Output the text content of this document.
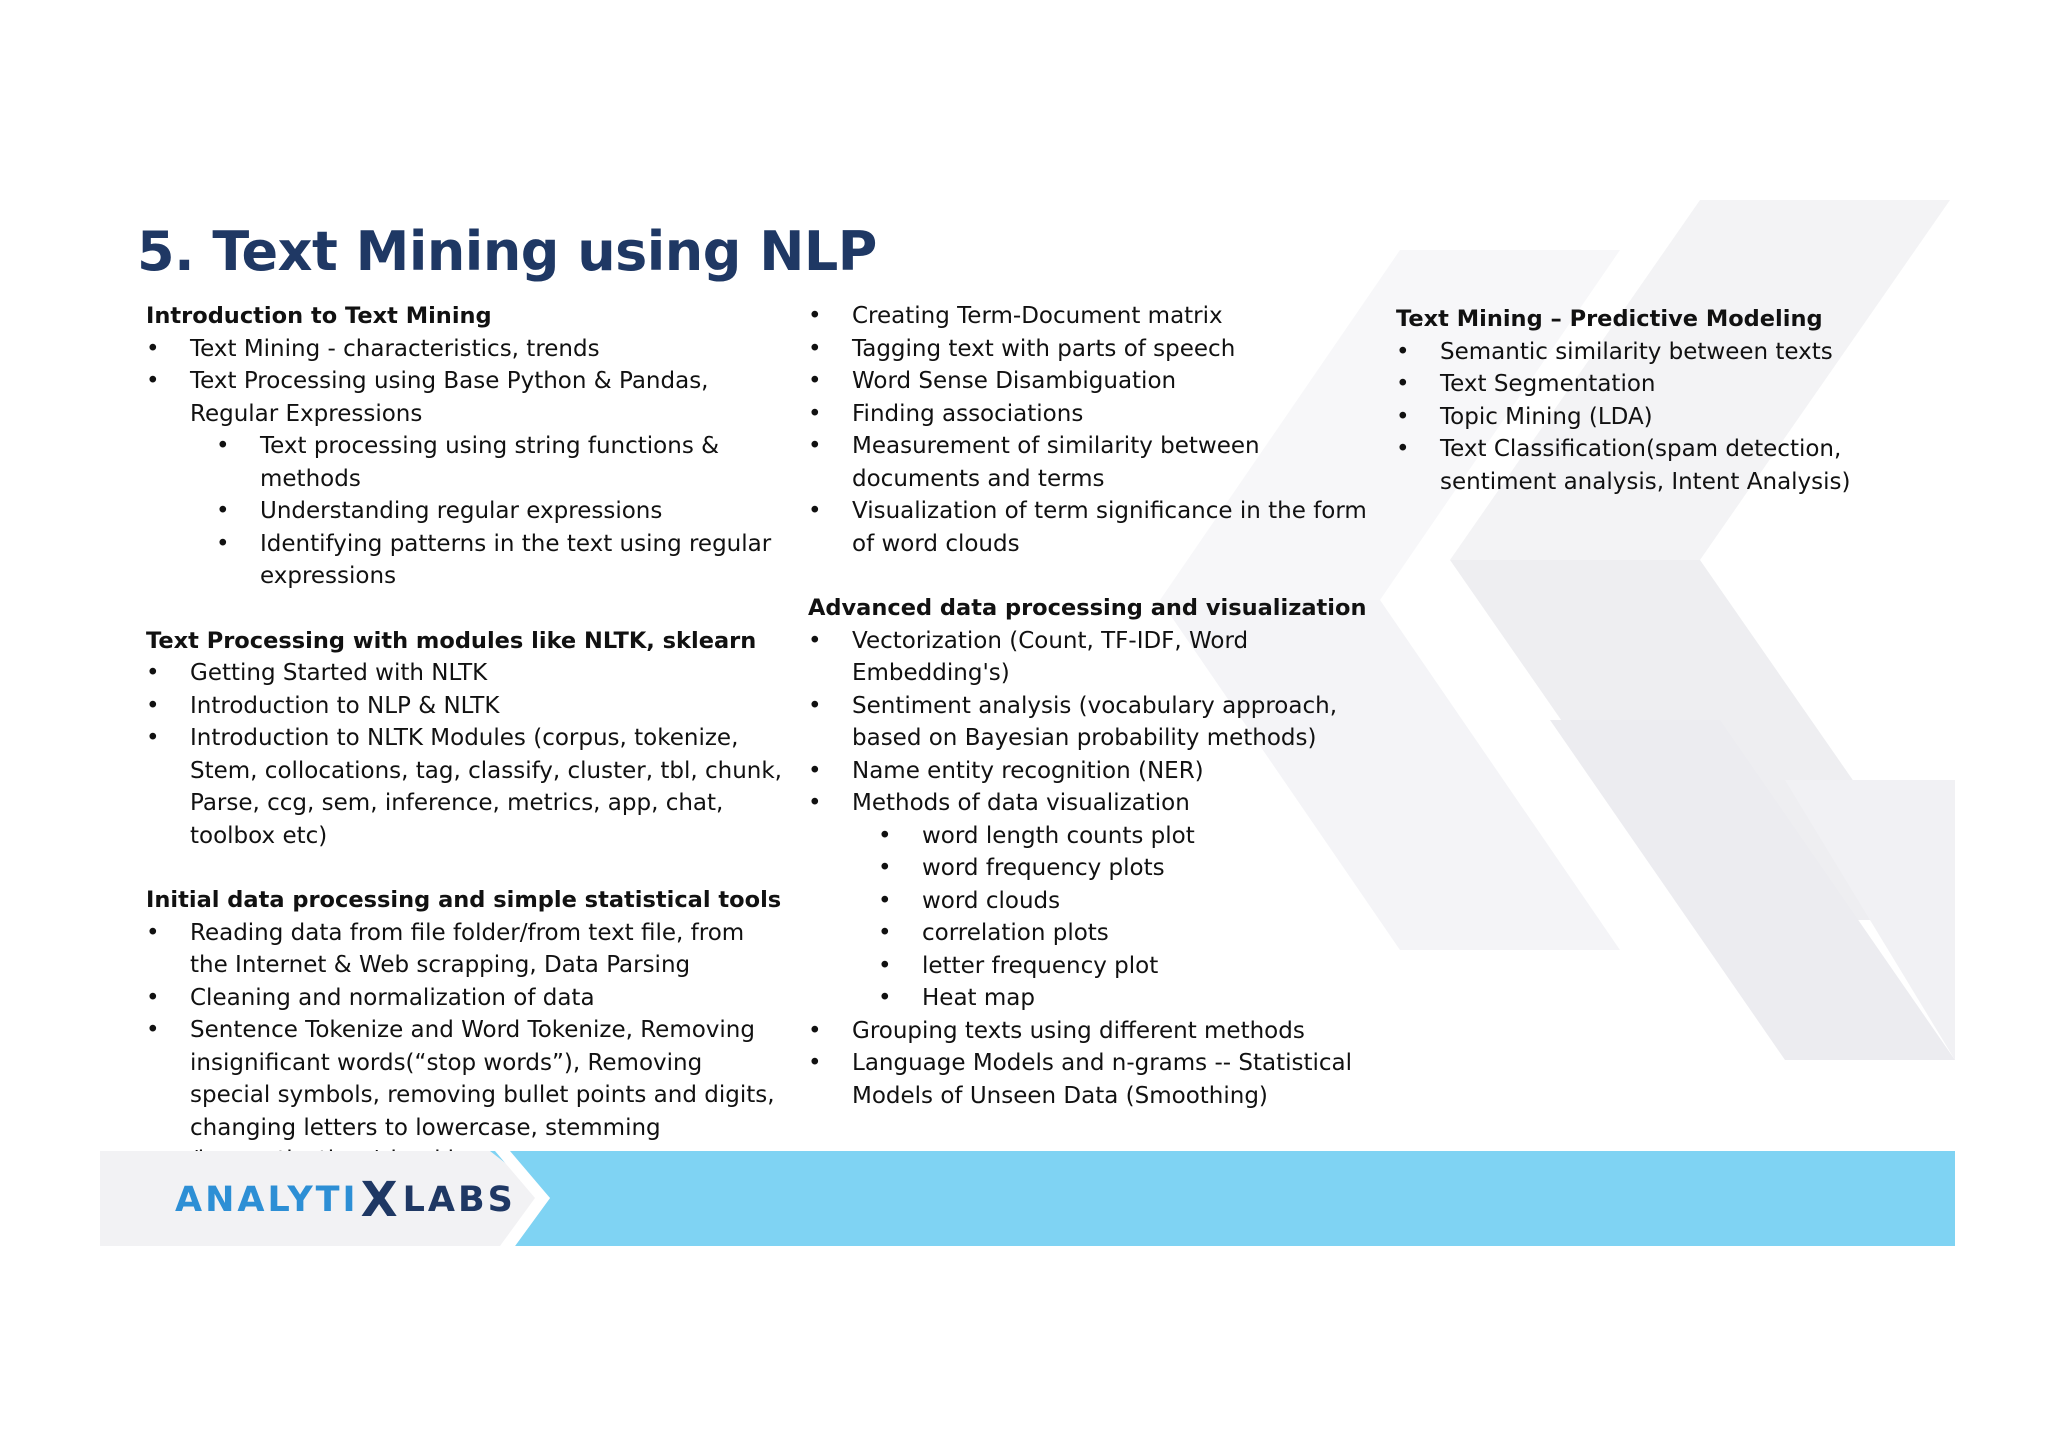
5. Text Mining using NLP

Introduction to Text Mining

• Text Mining - characteristics, trends
• Text Processing using Base Python & Pandas, Regular Expressions
• Text processing using string functions & methods
• Understanding regular expressions
• Identifying patterns in the text using regular expressions

Text Processing with modules like NLTK, sklearn

• Getting Started with NLTK
• Introduction to NLP & NLTK
• Introduction to NLTK Modules (corpus, tokenize, Stem, collocations, tag, classify, cluster, tbl, chunk, Parse, ccg, sem, inference, metrics, app, chat, toolbox etc)

Initial data processing and simple statistical tools

• Reading data from file folder/from text file, from the Internet & Web scrapping, Data Parsing
• Cleaning and normalization of data
• Sentence Tokenize and Word Tokenize, Removing insignificant words(“stop words”), Removing special symbols, removing bullet points and digits, changing letters to lowercase, stemming
• Creating Term-Document matrix
• Tagging text with parts of speech
• Word Sense Disambiguation
• Finding associations
• Measurement of similarity between documents and terms
• Visualization of term significance in the form of word clouds

Advanced data processing and visualization

• Vectorization (Count, TF-IDF, Word Embedding's)
• Sentiment analysis (vocabulary approach, based on Bayesian probability methods)
• Name entity recognition (NER)
• Methods of data visualization
• word length counts plot
• word frequency plots
• word clouds
• correlation plots
• letter frequency plot
• Heat map
• Grouping texts using different methods
• Language Models and n-grams -- Statistical Models of Unseen Data (Smoothing)

Text Mining – Predictive Modeling

• Semantic similarity between texts
• Text Segmentation
• Topic Mining (LDA)
• Text Classification(spam detection, sentiment analysis, Intent Analysis)
ANALYTI X LABS
